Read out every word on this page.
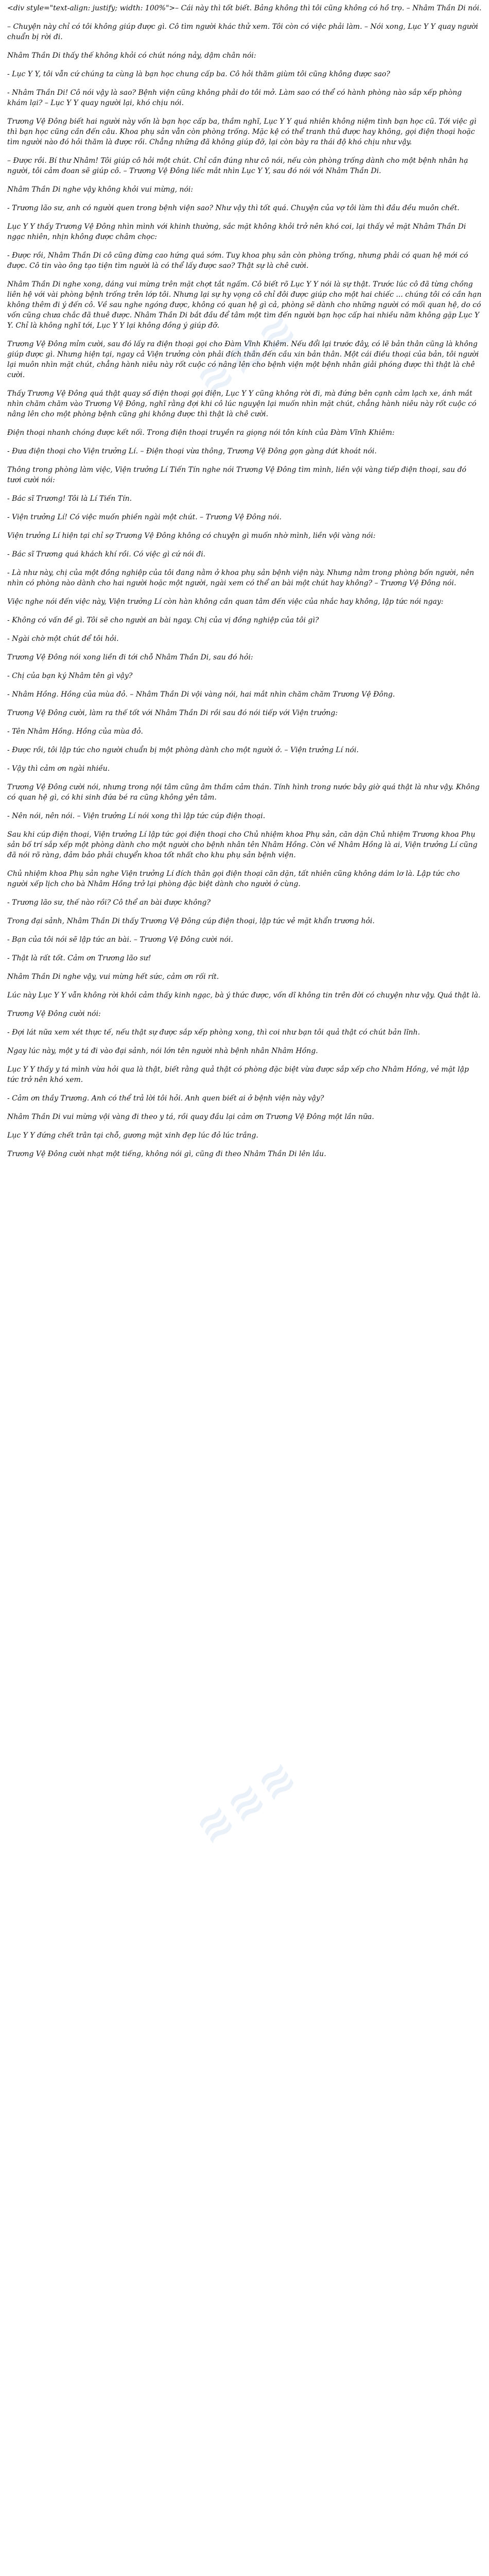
≋≋≋
≋≋≋

<div style="text-align: justify; width: 100%">– Cái này thì tốt biết. Bảng không thì tôi cũng không có hồ trọ. – Nhâm Thần Di nói.

– Chuyện này chỉ có tôi không giúp được gì. Cô tìm người khác thử xem. Tôi còn có việc phải làm. – Nói xong, Lục Y Y quay người chuẩn bị rời đi.

Nhâm Thần Di thấy thế không khỏi có chút nóng nảy, dậm chân nói:

- Lục Y Y, tôi vẫn cứ chúng ta cùng là bạn học chung cấp ba. Cô hỏi thăm giùm tôi cũng không được sao?

- Nhâm Thần Di! Cô nói vậy là sao? Bệnh viện cũng không phải do tôi mở. Làm sao có thể có hành phòng nào sắp xếp phòng khám lại? – Lục Y Y quay người lại, khó chịu nói.

Trương Vệ Đông biết hai người này vốn là bạn học cấp ba, thầm nghĩ, Lục Y Y quá nhiên không niệm tình bạn học cũ. Tới việc gì thì bạn học cũng cần đến câu. Khoa phụ sản vẫn còn phòng trống. Mặc kệ có thể tranh thủ được hay không, gọi điện thoại hoặc tìm người nào đó hỏi thăm là được rồi. Chẳng những đã không giúp đỡ, lại còn bày ra thái độ khó chịu như vậy.

– Được rồi. Bí thư Nhâm! Tôi giúp cô hỏi một chút. Chỉ cần đúng như cô nói, nếu còn phòng trống dành cho một bệnh nhân hạ người, tôi cảm đoan sẽ giúp cô. – Trương Vệ Đông liếc mắt nhìn Lục Y Y, sau đó nói với Nhâm Thần Di.

Nhâm Thần Di nghe vậy không khỏi vui mừng, nói:

- Trương lão sư, anh có người quen trong bệnh viện sao? Như vậy thì tốt quá. Chuyện của vợ tôi làm thì đầu đều muôn chết.

Lục Y Y thấy Trương Vệ Đông nhìn mình với khinh thường, sắc mặt không khỏi trở nên khó coi, lại thấy vẻ mặt Nhâm Thần Di ngạc nhiên, nhịn không được châm chọc:

- Được rồi, Nhâm Thần Di cô cũng đừng cao hứng quá sớm. Tuy khoa phụ sản còn phòng trống, nhưng phải có quan hệ mới có được. Cô tin vào ông tạo tiện tìm người là có thể lấy được sao? Thật sự là chê cười.

Nhâm Thần Di nghe xong, dáng vui mừng trên mặt chợt tắt ngấm. Cô biết rõ Lục Y Y nói là sự thật. Trước lúc cô đã từng chồng liên hệ với vài phòng bệnh trống trên lớp tôi. Nhưng lại sự hy vọng cô chỉ đôi được giúp cho một hai chiếc ... chúng tôi có cần hạn không thêm đi ý đến cô. Về sau nghe ngóng được, không có quan hệ gì cả, phòng sẽ dành cho những người có mối quan hệ, do có vốn cũng chưa chắc đã thuê được. Nhâm Thần Di bắt đầu để tâm một tìm đến người bạn học cấp hai nhiều năm không gặp Lục Y Y. Chỉ là không nghĩ tới, Lục Y Y lại không đồng ý giúp đỡ.

Trương Vệ Đông mỉm cười, sau đó lấy ra điện thoại gọi cho Đàm Vĩnh Khiêm. Nếu đổi lại trước đây, có lẽ bản thân cũng là không giúp được gì. Nhưng hiện tại, ngay cả Viện trưởng còn phải đích thân đến cầu xin bản thân. Một cái điều thoại của bản, tôi người lại muôn nhìn mặt chút, chẳng hành niêu này rốt cuộc có nâng lên cho bệnh viện một bệnh nhân giải phóng được thì thật là chê cười.

Thấy Trương Vệ Đông quá thật quay số điện thoại gọi điện, Lục Y Y cũng không rời đi, mà đứng bên cạnh cảm lạch xe, ánh mắt nhìn chăm chăm vào Trương Vệ Đông, nghĩ rằng đợi khi cô lúc nguyện lại muốn nhìn mặt chút, chẳng hành niêu này rốt cuộc có nâng lên cho một phòng bệnh cũng ghi không được thì thật là chê cười.

Điện thoại nhanh chóng được kết nối. Trong điện thoại truyền ra giọng nói tôn kính của Đàm Vĩnh Khiêm:

- Đưa điện thoại cho Viện trưởng Lí. – Điện thoại vừa thông, Trương Vệ Đông gọn gàng dứt khoát nói.

Thông trong phòng làm việc, Viện trưởng Lí Tiến Tín nghe nói Trương Vệ Đông tìm mình, liền vội vàng tiếp điện thoại, sau đó tươi cười nói:

- Bác sĩ Trương! Tôi là Lí Tiến Tín.

- Viện trưởng Lí! Có việc muốn phiền ngài một chút. – Trương Vệ Đông nói.

Viện trưởng Lí hiện tại chỉ sợ Trương Vệ Đông không có chuyện gì muốn nhờ mình, liền vội vàng nói:

- Bác sĩ Trương quá khách khí rồi. Có việc gì cứ nói đi.

- Là như này, chị của một đồng nghiệp của tôi đang nằm ở khoa phụ sản bệnh viện này. Nhưng nằm trong phòng bốn người, nên nhìn có phòng nào dành cho hai người hoặc một người, ngài xem có thể an bài một chút hay không? – Trương Vệ Đông nói.

Việc nghe nói đến việc này, Viện trưởng Lí còn hàn không cần quan tâm đến việc của nhắc hay không, lập tức nói ngay:

- Không có vấn đề gì. Tôi sẽ cho người an bài ngay. Chị của vị đồng nghiệp của tôi gì?

- Ngài chờ một chút để tôi hỏi.

Trương Vệ Đông nói xong liền đi tới chỗ Nhâm Thần Di, sau đó hỏi:

- Chị của bạn ký Nhâm tên gì vậy?

- Nhâm Hồng. Hồng của mùa đỏ. – Nhâm Thần Di vội vàng nói, hai mắt nhìn chăm chăm Trương Vệ Đông.

Trương Vệ Đông cười, làm ra thế tốt với Nhâm Thần Di rồi sau đó nói tiếp với Viện trưởng:

- Tên Nhâm Hồng. Hồng của mùa đỏ.

- Được rồi, tôi lập tức cho người chuẩn bị một phòng dành cho một người ở. – Viện trưởng Lí nói.

- Vậy thì cảm ơn ngài nhiều.

Trương Vệ Đông cười nói, nhưng trong nội tâm cũng âm thầm cảm thán. Tính hình trong nước bây giờ quá thật là như vậy. Không có quan hệ gì, có khi sinh đứa bé ra cũng không yên tâm.

- Nên nói, nên nói. – Viện trưởng Lí nói xong thì lập tức cúp điện thoại.

Sau khi cúp điện thoại, Viện trưởng Lí lập tức gọi điện thoại cho Chủ nhiệm khoa Phụ sản, căn dặn Chủ nhiệm Trương khoa Phụ sản bố trí sắp xếp một phòng dành cho một người cho bệnh nhân tên Nhâm Hồng. Còn về Nhâm Hồng là ai, Viện trưởng Lí cũng đã nói rõ ràng, đảm bảo phải chuyển khoa tốt nhất cho khu phụ sản bệnh viện.

Chủ nhiệm khoa Phụ sản nghe Viện trưởng Lí đích thân gọi điện thoại căn dặn, tất nhiên cũng không dám lơ là. Lập tức cho người xếp lịch cho bà Nhâm Hồng trở lại phòng đặc biệt dành cho người ở cùng.

- Trương lão sư, thế nào rồi? Cô thể an bài được không?

Trong đại sảnh, Nhâm Thần Di thấy Trương Vệ Đông cúp điện thoại, lập tức vẻ mặt khẩn trương hỏi.

- Bạn của tôi nói sẽ lập tức an bài. – Trương Vệ Đông cười nói.

- Thật là rất tốt. Cảm ơn Trương lão sư!

Nhâm Thần Di nghe vậy, vui mừng hết sức, cảm ơn rối rít.

Lúc này Lục Y Y vẫn không rời khỏi cảm thấy kinh ngạc, bà ý thức được, vốn dĩ không tin trên đời có chuyện như vậy. Quá thật là.

Trương Vệ Đông cười nói:

- Đợi lát nữa xem xét thực tế, nếu thật sự được sắp xếp phòng xong, thì coi như bạn tôi quả thật có chút bản lĩnh.

Ngay lúc này, một y tá đi vào đại sảnh, nói lớn tên người nhà bệnh nhân Nhâm Hồng.

Lục Y Y thấy y tá mình vừa hỏi qua là thật, biết rằng quả thật có phòng đặc biệt vừa được sắp xếp cho Nhâm Hồng, vẻ mặt lập tức trở nên khó xem.

- Cảm ơn thầy Trương. Anh có thể trả lời tôi hỏi. Anh quen biết ai ở bệnh viện này vậy?

Nhâm Thần Di vui mừng vội vàng đi theo y tá, rồi quay đầu lại cảm ơn Trương Vệ Đông một lần nữa.

Lục Y Y đứng chết trân tại chỗ, gương mặt xinh đẹp lúc đỏ lúc trắng.

Trương Vệ Đông cười nhạt một tiếng, không nói gì, cũng đi theo Nhâm Thần Di lên lầu.
